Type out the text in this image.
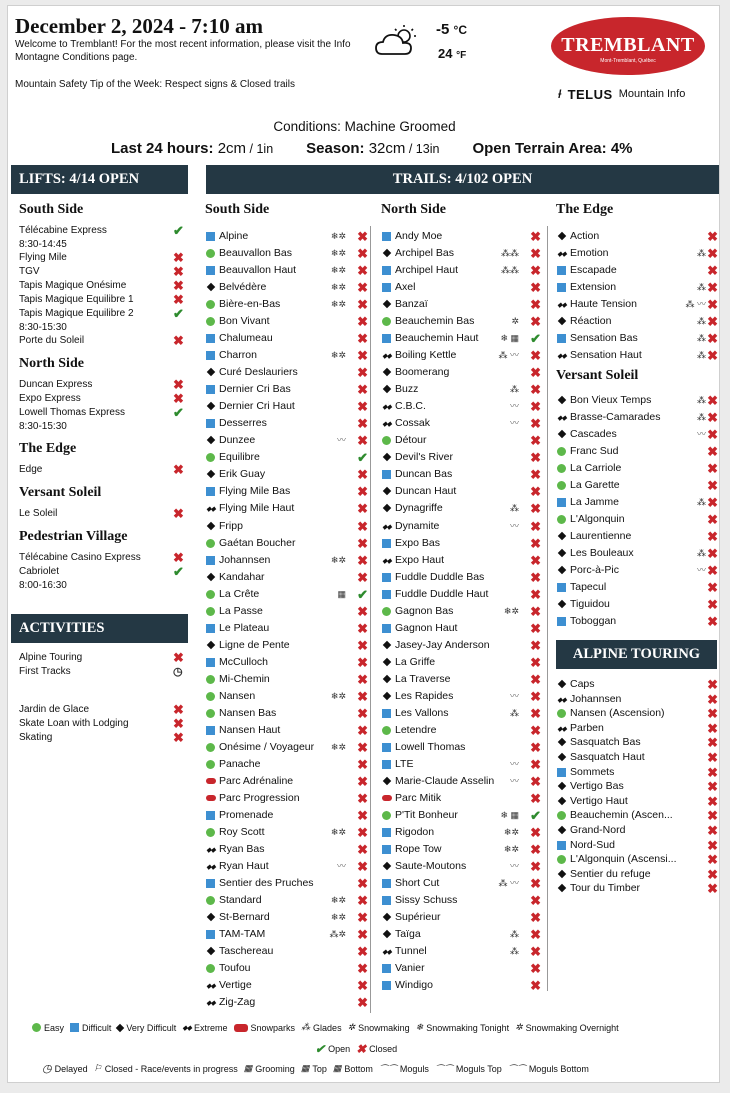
December 2, 2024 - 7:10 am
Welcome to Tremblant! For the most recent information, please visit the Info Montagne Conditions page.
Mountain Safety Tip of the Week: Respect signs & Closed trails
-5 °C
24 °F	TREMBLANT
Mont-Tremblant, Québec
ᵼ TELUS Mountain Info
Conditions: Machine Groomed
Last 24 hours: 2cm / 1in Season: 32cm / 13in Open Terrain Area: 4%
LIFTS: 4/14 OPEN	TRAILS: 4/102 OPEN
South Side
Télécabine Express	✔
8:30-14:45
Flying Mile	✖
TGV	✖
Tapis Magique Onésime	✖
Tapis Magique Equilibre 1	✖
Tapis Magique Equilibre 2	✔
8:30-15:30
Porte du Soleil	✖
North Side
Duncan Express	✖
Expo Express	✖
Lowell Thomas Express	✔
8:30-15:30
The Edge
Edge	✖
Versant Soleil
Le Soleil	✖
Pedestrian Village
Télécabine Casino Express ✖
Cabriolet	✔
8:00-16:30
ACTIVITIES
Alpine Touring	✖
First Tracks	◷
Jardin de Glace	✖
Skate Loan with Lodging	✖
Skating	✖
South Side
Alpine	❄✲ ✖
Beauvallon Bas	❄✲ ✖
Beauvallon Haut	❄✲ ✖
Belvédère	❄✲ ✖
Bière-en-Bas	❄✲ ✖
Bon Vivant	✖
Chalumeau	✖
Charron	❄✲ ✖
Curé Deslauriers	✖
Dernier Cri Bas	✖
Dernier Cri Haut	✖
Desserres	✖
Dunzee	〰 ✖
Equilibre	✔
Erik Guay	✖
Flying Mile Bas	✖
◆◆ Flying Mile Haut	✖
Fripp	✖
Gaétan Boucher	✖
Johannsen	❄✲ ✖
Kandahar	✖
La Crête	▦ ✔
La Passe	✖
Le Plateau	✖
Ligne de Pente	✖
McCulloch	✖
Mi-Chemin	✖
Nansen	❄✲ ✖
Nansen Bas	✖
Nansen Haut	✖
Onésime / Voyageur ❄✲ ✖
Panache	✖
Parc Adrénaline	✖
Parc Progression	✖
Promenade	✖
Roy Scott	❄✲ ✖
◆◆ Ryan Bas	✖
◆◆ Ryan Haut	〰 ✖
Sentier des Pruches	✖
Standard	❄✲ ✖
St-Bernard	❄✲ ✖
TAM-TAM	⁂✲ ✖
Taschereau	✖
Toufou	✖
◆◆ Vertige	✖
◆◆ Zig-Zag	✖
North Side
Andy Moe	✖
Archipel Bas	⁂⁂ ✖
Archipel Haut	⁂⁂ ✖
Axel	✖
Banzaï	✖
Beauchemin Bas	✲ ✖
Beauchemin Haut ❄ ▦ ✔
◆◆ Boiling Kettle	⁂ 〰 ✖
Boomerang	✖
Buzz	⁂ ✖
◆◆ C.B.C.	〰 ✖
◆◆ Cossak	〰 ✖
Détour	✖
Devil's River	✖
Duncan Bas	✖
Duncan Haut	✖
Dynagriffe	⁂ ✖
◆◆ Dynamite	〰 ✖
Expo Bas	✖
◆◆ Expo Haut	✖
Fuddle Duddle Bas	✖
Fuddle Duddle Haut	✖
Gagnon Bas	❄✲ ✖
Gagnon Haut	✖
Jasey-Jay Anderson	✖
La Griffe	✖
La Traverse	✖
Les Rapides	〰 ✖
Les Vallons	⁂ ✖
Letendre	✖
Lowell Thomas	✖
LTE	〰 ✖
Marie-Claude Asselin 〰 ✖
Parc Mitik	✖
P'Tit Bonheur	❄ ▦ ✔
Rigodon	❄✲ ✖
Rope Tow	❄✲ ✖
Saute-Moutons	〰 ✖
Short Cut	⁂ 〰 ✖
Sissy Schuss	✖
Supérieur	✖
Taïga	⁂ ✖
◆◆ Tunnel	⁂ ✖
Vanier	✖
Windigo	✖
The Edge
Action	✖
◆◆ Emotion	⁂ ✖
Escapade	✖
Extension	⁂ ✖
◆◆ Haute Tension	⁂ 〰 ✖
Réaction	⁂ ✖
Sensation Bas	⁂ ✖
◆◆ Sensation Haut	⁂ ✖
Versant Soleil
Bon Vieux Temps	⁂ ✖
◆◆ Brasse-Camarades	⁂ ✖
Cascades	〰 ✖
Franc Sud	✖
La Carriole	✖
La Garette	✖
La Jamme	⁂ ✖
L'Algonquin	✖
Laurentienne	✖
Les Bouleaux	⁂ ✖
Porc-à-Pic	〰 ✖
Tapecul	✖
Tiguidou	✖
Toboggan	✖
Caps	✖
◆◆ Johannsen	✖
Nansen (Ascension)	✖
◆◆ Parben	✖
Sasquatch Bas	✖
Sasquatch Haut	✖
Sommets	✖
Vertigo Bas	✖
Vertigo Haut	✖
Beauchemin (Ascen...	✖
Grand-Nord	✖
Nord-Sud	✖
L'Algonquin (Ascensi... ✖
Sentier du refuge	✖
Tour du Timber	✖
ALPINE TOURING
Easy Difficult Very Difficult ◆◆ Extreme	Snowparks ⁂ Glades ✲ Snowmaking ❄ Snowmaking Tonight ✲ Snowmaking Overnight
✔ Open ✖ Closed
◷ Delayed ⚐ Closed - Race/events in progress ▦ Grooming ▦ Top ▦ Bottom ⌒⌒ Moguls ⌒⌒ Moguls Top ⌒⌒ Moguls Bottom
